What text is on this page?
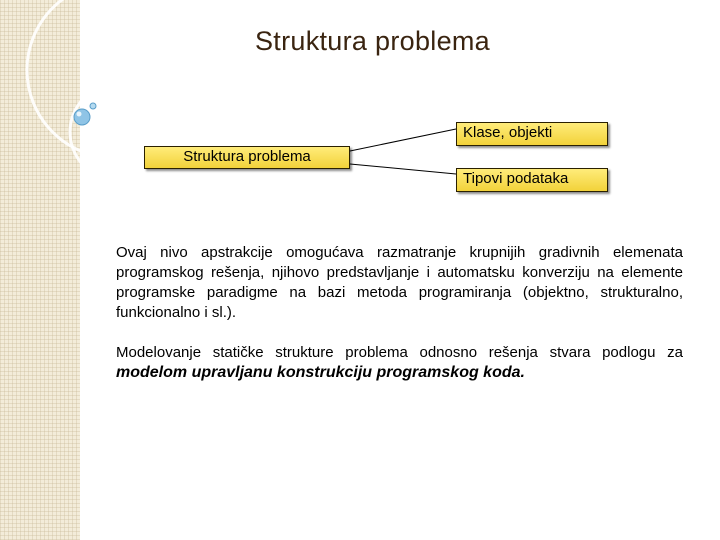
Struktura problema
Struktura problema
Klase, objekti
Tipovi podataka

Ovaj nivo apstrakcije omogućava razmatranje krupnijih gradivnih elemenata programskog rešenja, njihovo predstavljanje i automatsku konverziju na elemente programske paradigme na bazi metoda programiranja (objektno, strukturalno, funkcionalno i sl.).

Modelovanje statičke strukture problema odnosno rešenja stvara podlogu za modelom upravljanu konstrukciju programskog koda.
